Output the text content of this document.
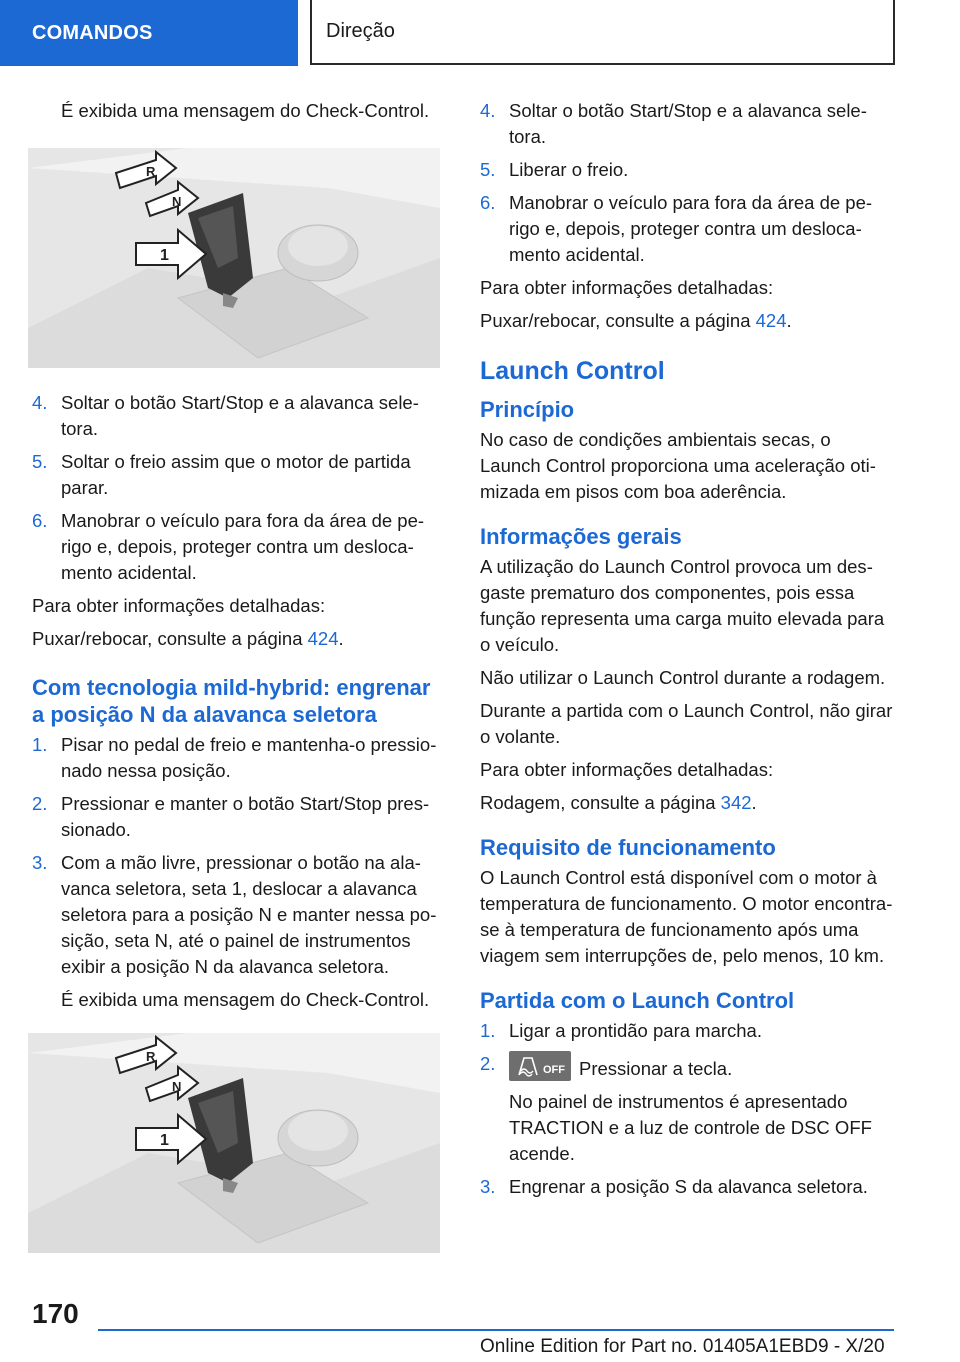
COMANDOS	Direção

É exibida uma mensagem do Check-Control.

R
N
1
4. Soltar o botão Start/Stop e a alavanca seletora.
5. Soltar o freio assim que o motor de partida parar.
6. Manobrar o veículo para fora da área de perigo e, depois, proteger contra um deslocamento acidental.

Para obter informações detalhadas:

Puxar/rebocar, consulte a página 424.

Com tecnologia mild-hybrid: engrenar a posição N da alavanca seletora
1. Pisar no pedal de freio e mantenha-o pressionado nessa posição.
2. Pressionar e manter o botão Start/Stop pressionado.
3. Com a mão livre, pressionar o botão na alavanca seletora, seta 1, deslocar a alavanca seletora para a posição N e manter nessa posição, seta N, até o painel de instrumentos exibir a posição N da alavanca seletora.

É exibida uma mensagem do Check-Control.

R
N
1
4. Soltar o botão Start/Stop e a alavanca seletora.
5. Liberar o freio.
6. Manobrar o veículo para fora da área de perigo e, depois, proteger contra um deslocamento acidental.

Para obter informações detalhadas:

Puxar/rebocar, consulte a página 424.

Launch Control
Princípio

No caso de condições ambientais secas, o Launch Control proporciona uma aceleração otimizada em pisos com boa aderência.

Informações gerais

A utilização do Launch Control provoca um desgaste prematuro dos componentes, pois essa função representa uma carga muito elevada para o veículo.

Não utilizar o Launch Control durante a rodagem.

Durante a partida com o Launch Control, não girar o volante.

Para obter informações detalhadas:

Rodagem, consulte a página 342.

Requisito de funcionamento

O Launch Control está disponível com o motor à temperatura de funcionamento. O motor encontra-se à temperatura de funcionamento após uma viagem sem interrupções de, pelo menos, 10 km.

Partida com o Launch Control
1. Ligar a prontidão para marcha.
2.	OFF Pressionar a tecla.

No painel de instrumentos é apresentado TRACTION e a luz de controle de DSC OFF acende.

3. Engrenar a posição S da alavanca seletora.
170
Online Edition for Part no. 01405A1EBD9 - X/20
